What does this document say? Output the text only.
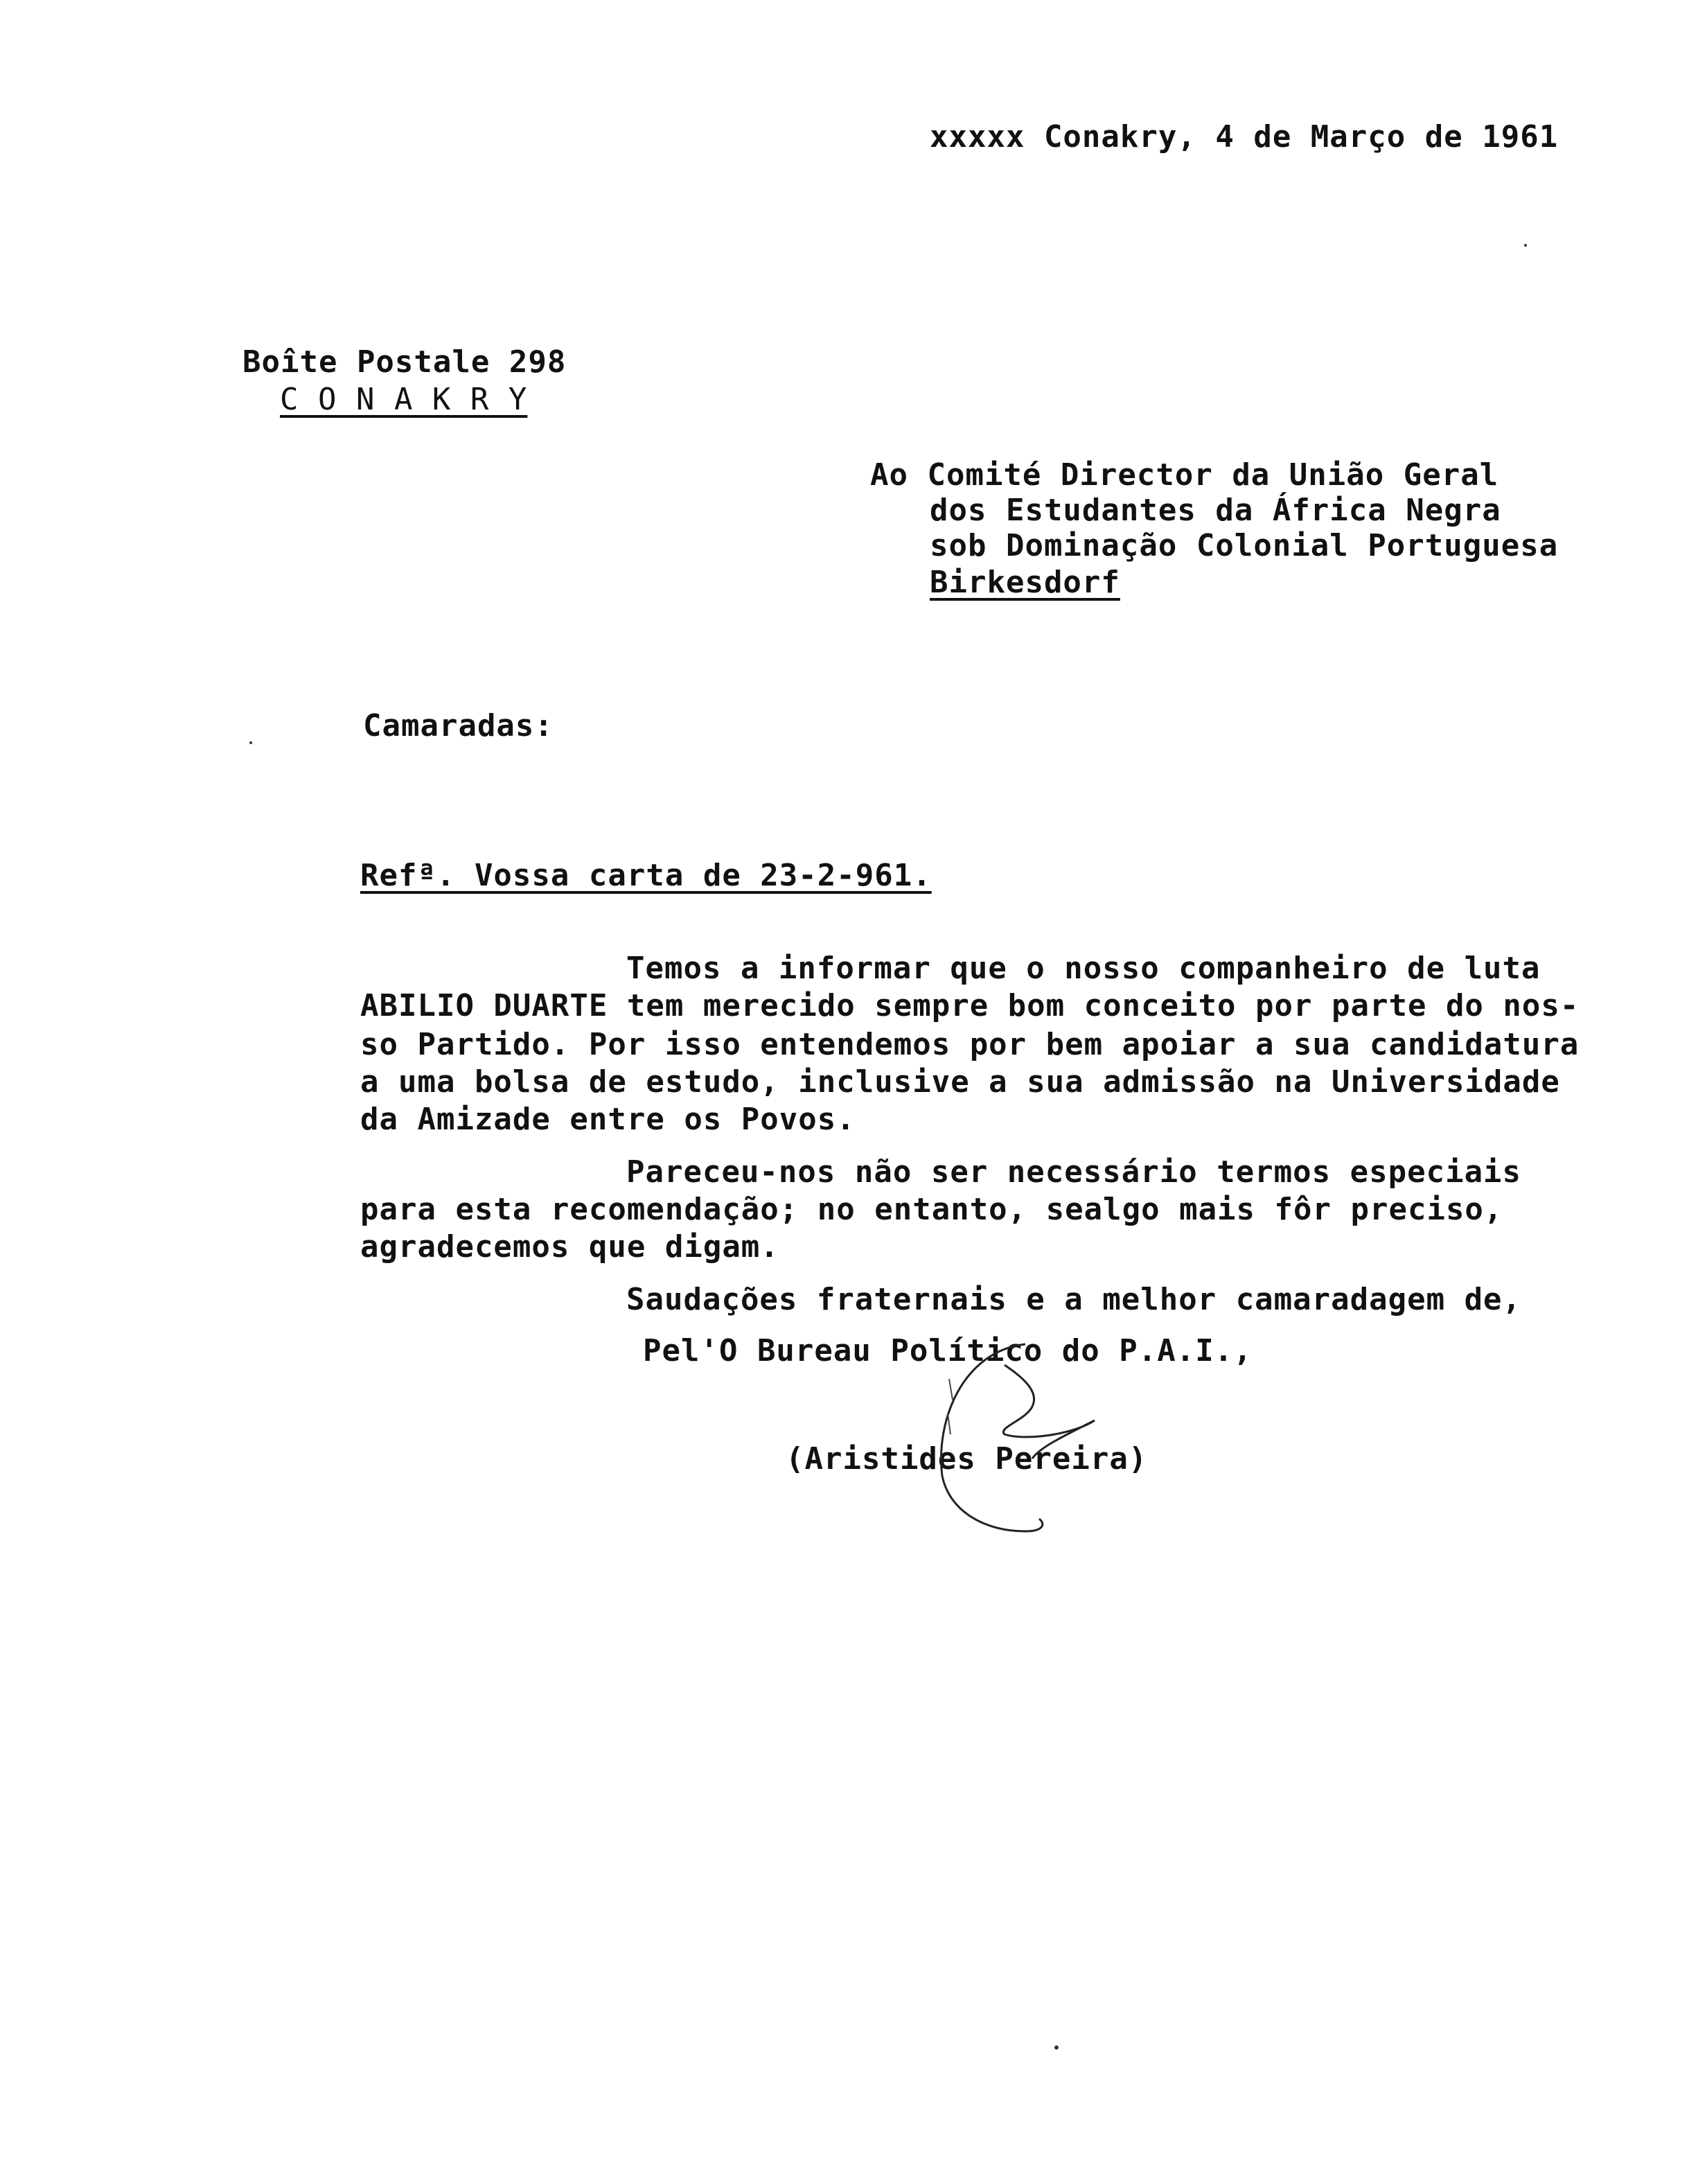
xxxxx Conakry, 4 de Março de 1961
Boîte Postale 298
C O N A K R Y
Ao Comité Director da União Geral
dos Estudantes da África Negra
sob Dominação Colonial Portuguesa
Birkesdorf
Camaradas:
Refª. Vossa carta de 23-2-961.
Temos a informar que o nosso companheiro de luta
ABILIO DUARTE tem merecido sempre bom conceito por parte do nos-
so Partido. Por isso entendemos por bem apoiar a sua candidatura
a uma bolsa de estudo, inclusive a sua admissão na Universidade
da Amizade entre os Povos.
Pareceu-nos não ser necessário termos especiais
para esta recomendação; no entanto, sealgo mais fôr preciso,
agradecemos que digam.
Saudações fraternais e a melhor camaradagem de,
Pel'O Bureau Político do P.A.I.,
(Aristides Pereira)
